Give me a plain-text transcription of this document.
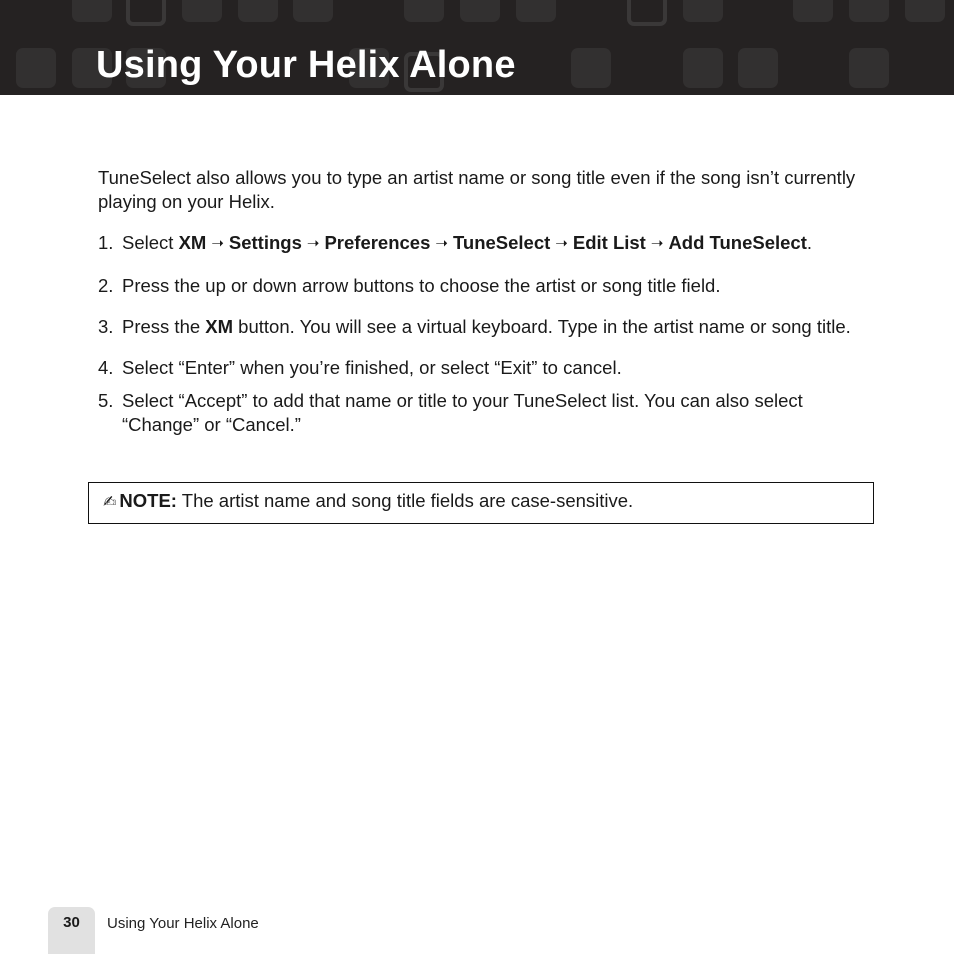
Using Your Helix Alone

TuneSelect also allows you to type an artist name or song title even if the song isn’t currently playing on your Helix.

1. Select XM ➝ Settings ➝ Preferences ➝ TuneSelect ➝ Edit List ➝ Add TuneSelect.
2. Press the up or down arrow buttons to choose the artist or song title field.
3. Press the XM button. You will see a virtual keyboard. Type in the artist name or song title.
4. Select “Enter” when you’re finished, or select “Exit” to cancel.
5. Select “Accept” to add that name or title to your TuneSelect list. You can also select “Change” or “Cancel.”
✍ NOTE: The artist name and song title fields are case-sensitive.
30	Using Your Helix Alone
